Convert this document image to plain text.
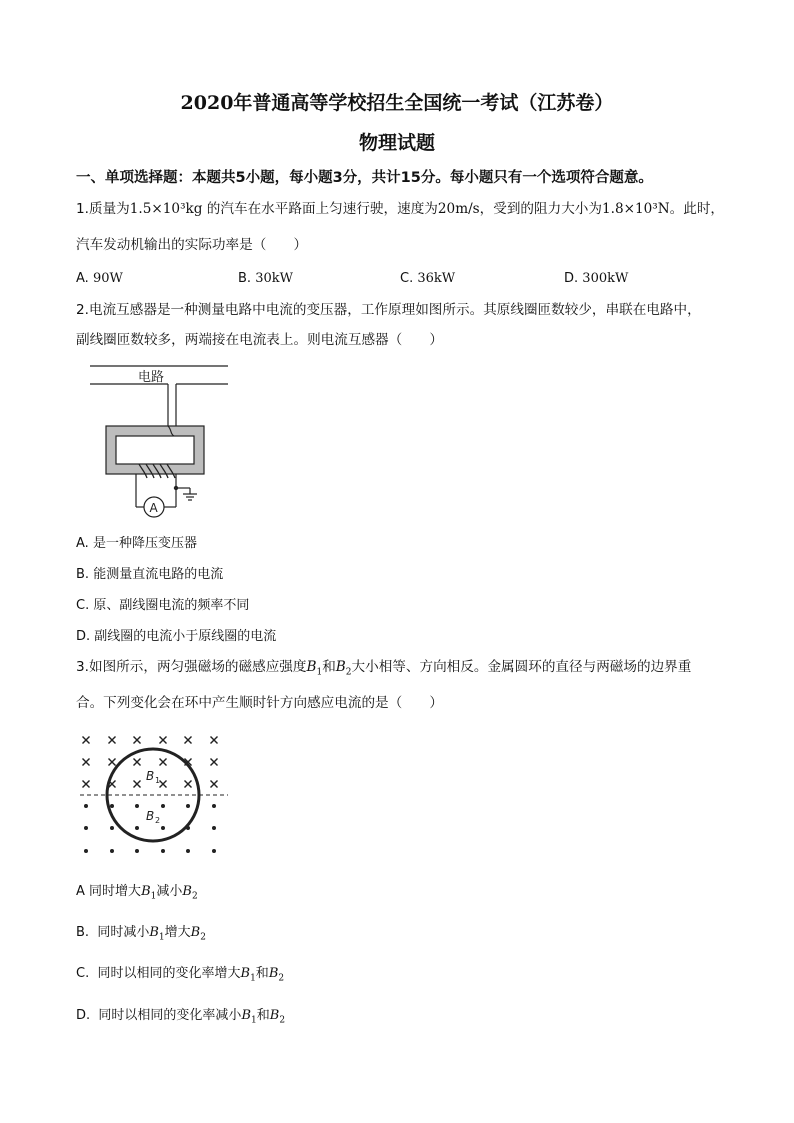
2020年普通高等学校招生全国统一考试（江苏卷）
物理试题
一、单项选择题：本题共5小题，每小题3分，共计15分。每小题只有一个选项符合题意。
1.质量为1.5×10³kg 的汽车在水平路面上匀速行驶，速度为20m/s，受到的阻力大小为1.8×10³N。此时，
汽车发动机输出的实际功率是（　　）
A. 90W	B. 30kW	C. 36kW	D. 300kW
2.电流互感器是一种测量电路中电流的变压器，工作原理如图所示。其原线圈匝数较少，串联在电路中，
副线圈匝数较多，两端接在电流表上。则电流互感器（　　）
电路
A
A. 是一种降压变压器
B. 能测量直流电路的电流
C. 原、副线圈电流的频率不同
D. 副线圈的电流小于原线圈的电流
3.如图所示，两匀强磁场的磁感应强度$B_1$和$B_2$大小相等、方向相反。金属圆环的直径与两磁场的边界重
合。下列变化会在环中产生顺时针方向感应电流的是（　　）
B 1
B 2
A 同时增大$B_1$减小$B_2$
B. 同时减小$B_1$增大$B_2$
C. 同时以相同的变化率增大$B_1$和$B_2$
D. 同时以相同的变化率减小$B_1$和$B_2$
